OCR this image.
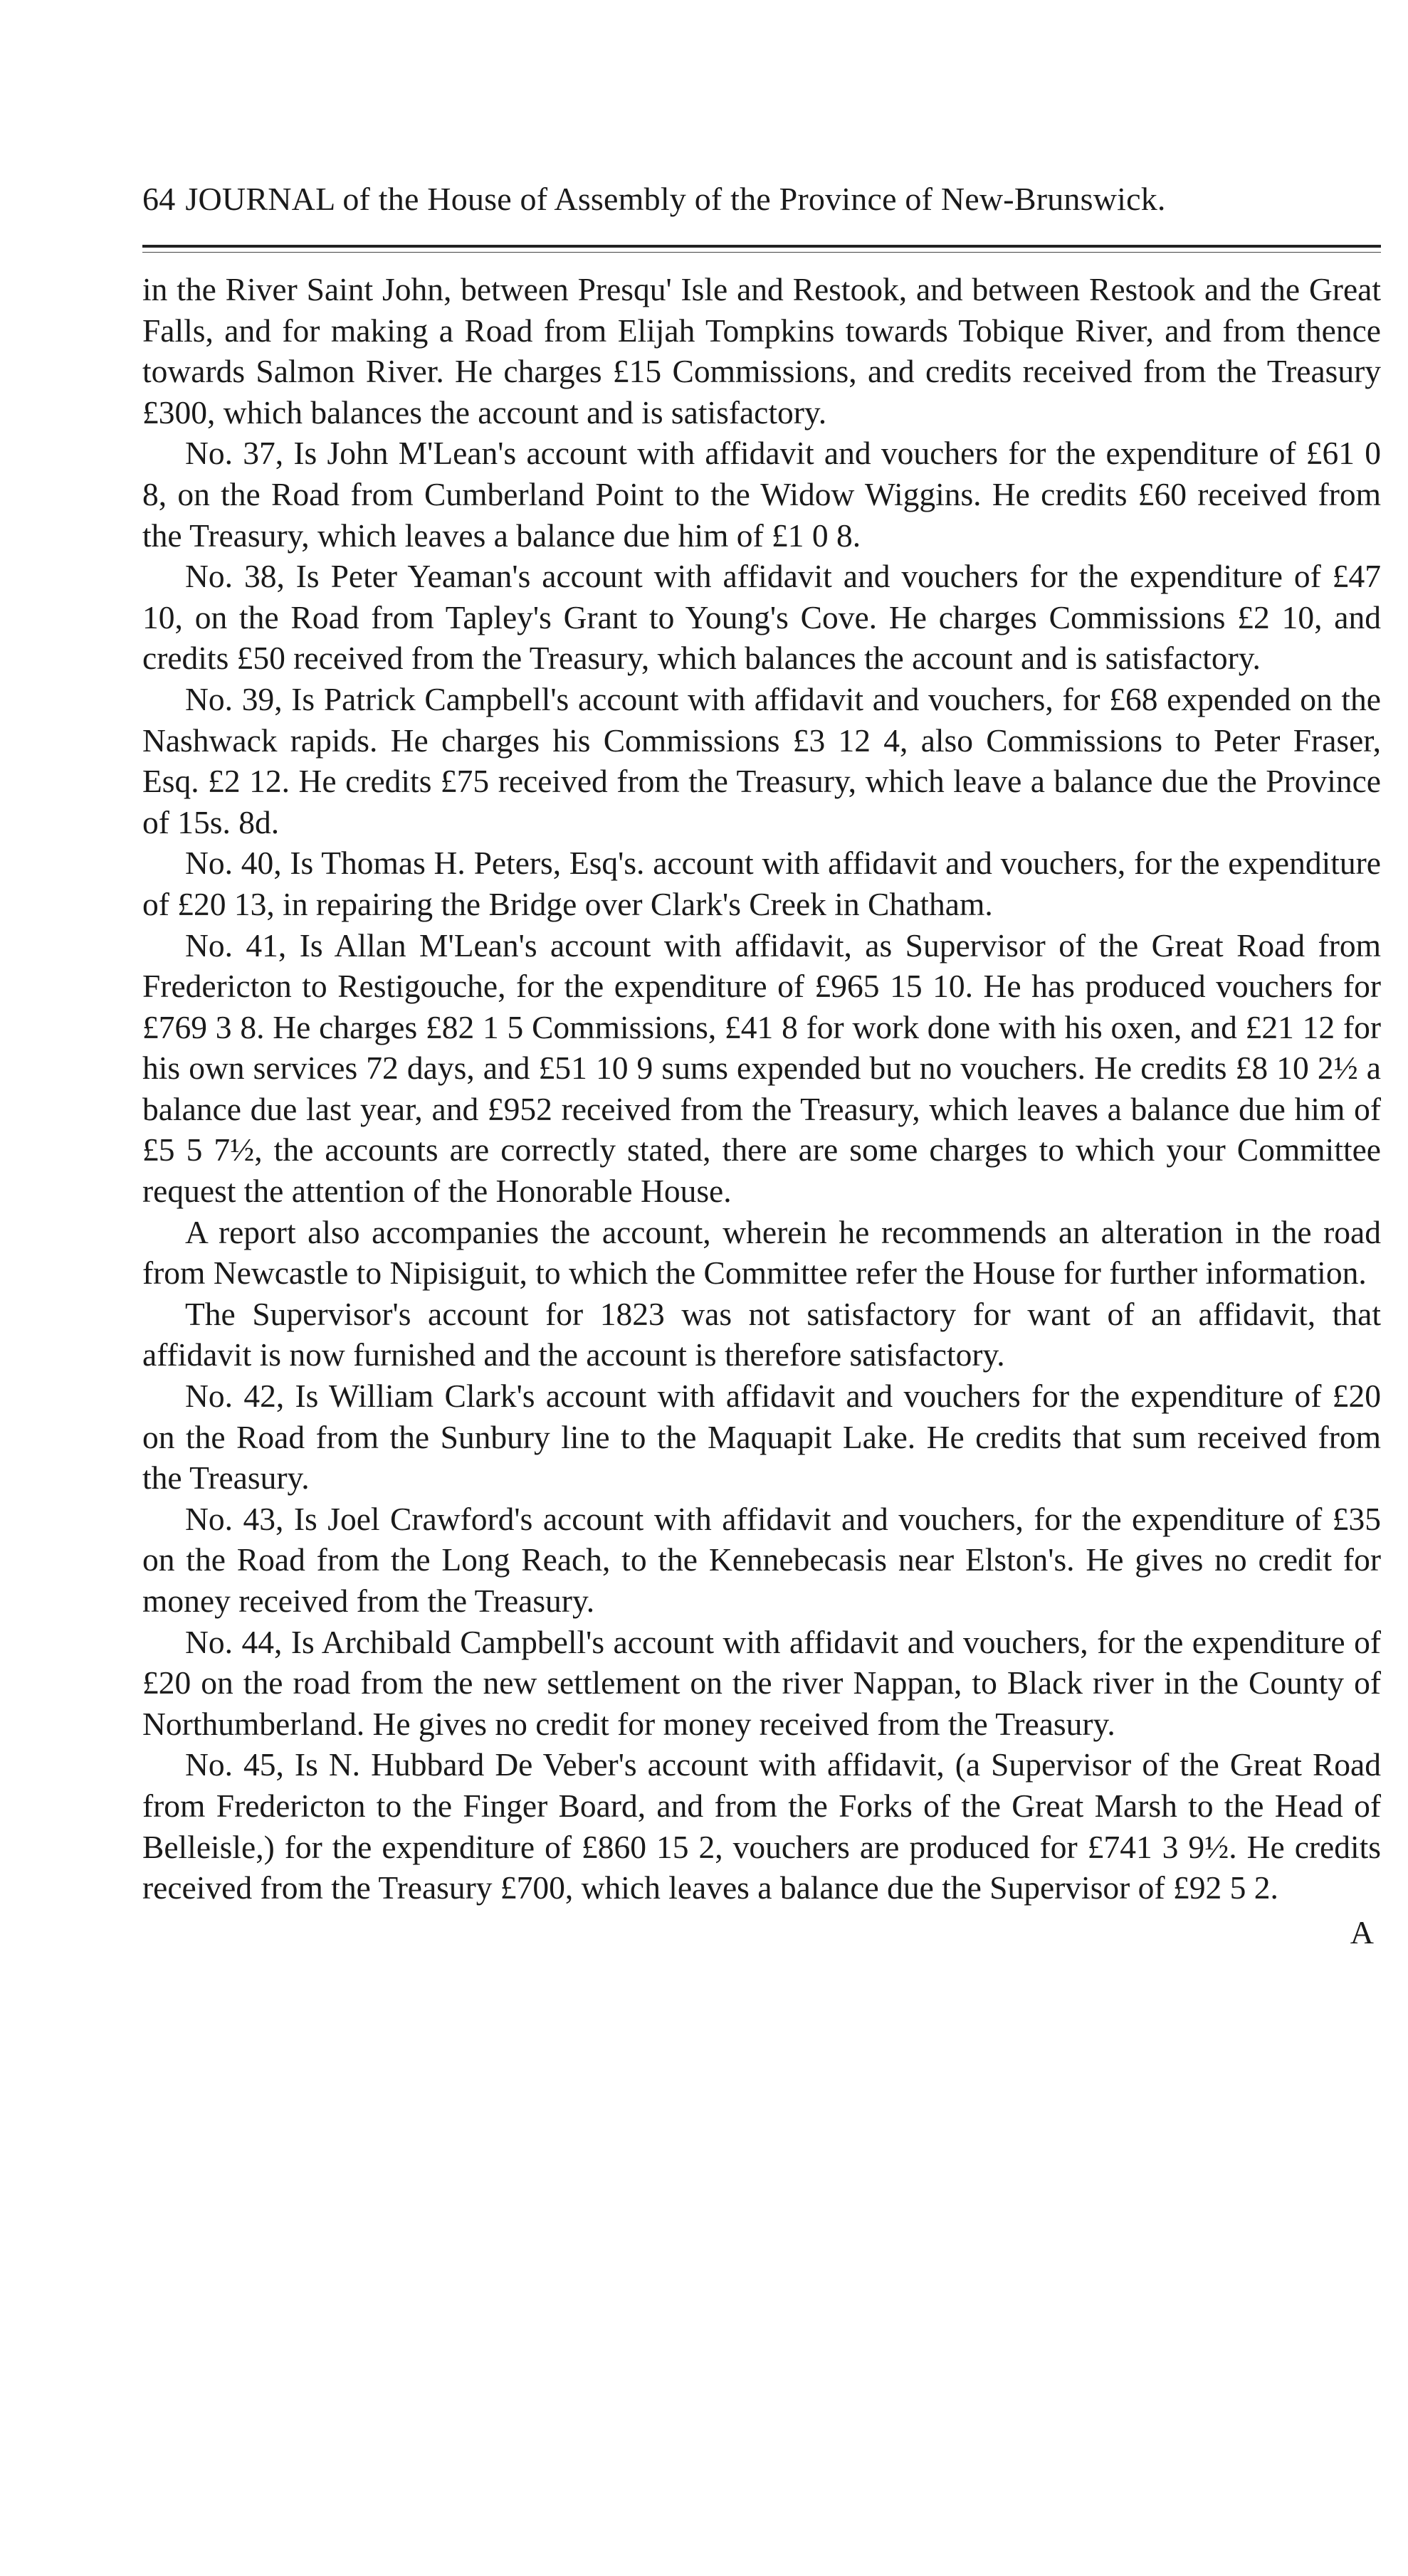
64 JOURNAL of the House of Assembly of the Province of New-Brunswick.

in the River Saint John, between Presqu' Isle and Restook, and between Restook and the Great Falls, and for making a Road from Elijah Tompkins towards Tobique River, and from thence towards Salmon River. He charges £15 Commissions, and credits received from the Treasury £300, which balances the account and is satisfactory.

No. 37, Is John M'Lean's account with affidavit and vouchers for the expenditure of £61 0 8, on the Road from Cumberland Point to the Widow Wiggins. He credits £60 received from the Treasury, which leaves a balance due him of £1 0 8.

No. 38, Is Peter Yeaman's account with affidavit and vouchers for the expenditure of £47 10, on the Road from Tapley's Grant to Young's Cove. He charges Commissions £2 10, and credits £50 received from the Treasury, which balances the account and is satisfactory.

No. 39, Is Patrick Campbell's account with affidavit and vouchers, for £68 expended on the Nashwack rapids. He charges his Commissions £3 12 4, also Commissions to Peter Fraser, Esq. £2 12. He credits £75 received from the Treasury, which leave a balance due the Province of 15s. 8d.

No. 40, Is Thomas H. Peters, Esq's. account with affidavit and vouchers, for the expenditure of £20 13, in repairing the Bridge over Clark's Creek in Chatham.

No. 41, Is Allan M'Lean's account with affidavit, as Supervisor of the Great Road from Fredericton to Restigouche, for the expenditure of £965 15 10. He has produced vouchers for £769 3 8. He charges £82 1 5 Commissions, £41 8 for work done with his oxen, and £21 12 for his own services 72 days, and £51 10 9 sums expended but no vouchers. He credits £8 10 2½ a balance due last year, and £952 received from the Treasury, which leaves a balance due him of £5 5 7½, the accounts are correctly stated, there are some charges to which your Committee request the attention of the Honorable House.

A report also accompanies the account, wherein he recommends an alteration in the road from Newcastle to Nipisiguit, to which the Committee refer the House for further information.

The Supervisor's account for 1823 was not satisfactory for want of an affidavit, that affidavit is now furnished and the account is therefore satisfactory.

No. 42, Is William Clark's account with affidavit and vouchers for the expenditure of £20 on the Road from the Sunbury line to the Maquapit Lake. He credits that sum received from the Treasury.

No. 43, Is Joel Crawford's account with affidavit and vouchers, for the expenditure of £35 on the Road from the Long Reach, to the Kennebecasis near Elston's. He gives no credit for money received from the Treasury.

No. 44, Is Archibald Campbell's account with affidavit and vouchers, for the expenditure of £20 on the road from the new settlement on the river Nappan, to Black river in the County of Northumberland. He gives no credit for money received from the Treasury.

No. 45, Is N. Hubbard De Veber's account with affidavit, (a Supervisor of the Great Road from Fredericton to the Finger Board, and from the Forks of the Great Marsh to the Head of Belleisle,) for the expenditure of £860 15 2, vouchers are produced for £741 3 9½. He credits received from the Treasury £700, which leaves a balance due the Supervisor of £92 5 2.

A
